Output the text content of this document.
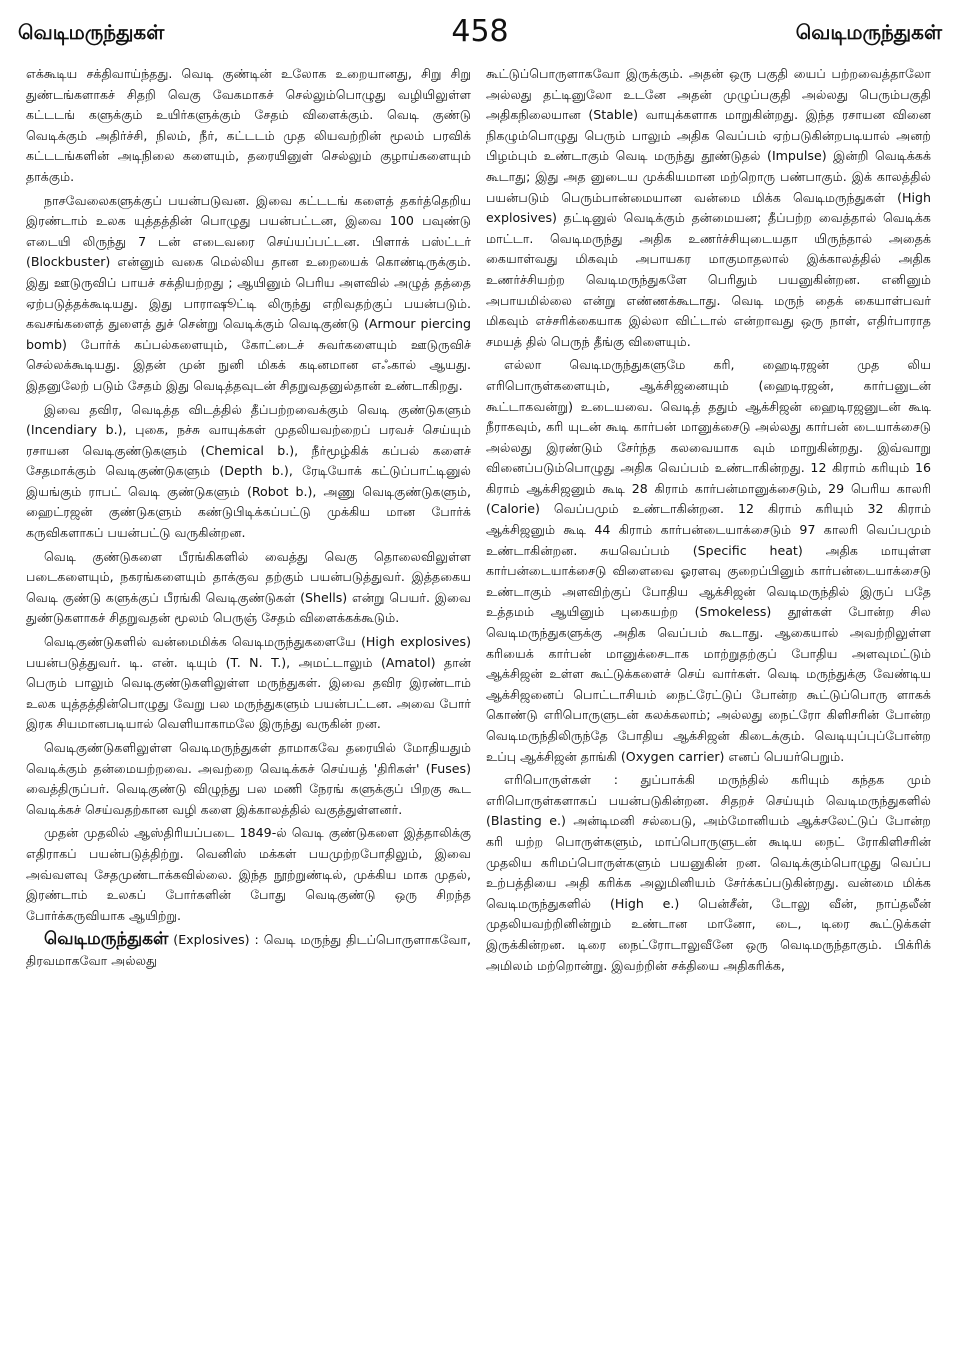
வெடிமருந்துகள்	458	வெடிமருந்துகள்

எக்கூடிய சக்திவாய்ந்தது. வெடி குண்டின் உலோக உறையானது, சிறு சிறு துண்டங்களாகச் சிதறி வெகு வேகமாகச் செல்லும்பொழுது வழியிலுள்ள கட்டடங் களுக்கும் உயிர்களுக்கும் சேதம் விளைக்கும். வெடி குண்டு வெடிக்கும் அதிர்ச்சி, நிலம், நீர், கட்டடம் முத லியவற்றின் மூலம் பரவிக் கட்டடங்களின் அடிநிலை களையும், தரையினுள் செல்லும் குழாய்களையும் தாக்கும்.

நாசவேலைகளுக்குப் பயன்படுவன. இவை கட்டடங் களைத் தகர்த்தெறிய இரண்டாம் உலக யுத்தத்தின் பொழுது பயன்பட்டன, இவை 100 பவுண்டு எடையி லிருந்து 7 டன் எடைவரை செய்யப்பட்டன. பிளாக் பஸ்ட்டர் (Blockbuster) என்னும் வகை மெல்லிய தான உறையைக் கொண்டிருக்கும். இது ஊடுருவிப் பாயச் சக்தியற்றது ; ஆயினும் பெரிய அளவில் அழுத் தத்தை ஏற்படுத்தக்கூடியது. இது பாராஷூட்டி லிருந்து எறிவதற்குப் பயன்படும். கவசங்களைத் துளைத் துச் சென்று வெடிக்கும் வெடிகுண்டு (Armour piercing bomb) போர்க் கப்பல்களையும், கோட்டைச் சுவர்களையும் ஊடுருவிச் செல்லக்கூடியது. இதன் முன் நுனி மிகக் கடினமான எஃகால் ஆயது. இதனுலேற் படும் சேதம் இது வெடித்தவுடன் சிதறுவதனுல்தான் உண்டாகிறது.

இவை தவிர, வெடித்த விடத்தில் தீப்பற்றவைக்கும் வெடி குண்டுகளும் (Incendiary b.), புகை, நச்சு வாயுக்கள் முதலியவற்றைப் பரவச் செய்யும் ரசாயன வெடிகுண்டுகளும் (Chemical b.), நீர்மூழ்கிக் கப்பல் களைச் சேதமாக்கும் வெடிகுண்டுகளும் (Depth b.), ரேடியோக் கட்டுப்பாட்டினுல் இயங்கும் ராபட் வெடி குண்டுகளும் (Robot b.), அணு வெடிகுண்டுகளும், ஹைட்ரஜன் குண்டுகளும் கண்டுபிடிக்கப்பட்டு முக்கிய மான போர்க் கருவிகளாகப் பயன்பட்டு வருகின்றன.

வெடி குண்டுகளை பீரங்கிகளில் வைத்து வெகு தொலைவிலுள்ள படைகளையும், நகரங்களையும் தாக்குவ தற்கும் பயன்படுத்துவர். இத்தகைய வெடி குண்டு களுக்குப் பீரங்கி வெடிகுண்டுகள் (Shells) என்று பெயர். இவை துண்டுகளாகச் சிதறுவதன் மூலம் பெருஞ் சேதம் விளைக்கக்கூடும்.

வெடிகுண்டுகளில் வன்மைமிக்க வெடிமருந்துகளையே (High explosives) பயன்படுத்துவர். டி. என். டியும் (T. N. T.), அமட்டாலும் (Amatol) தான் பெரும் பாலும் வெடிகுண்டுகளிலுள்ள மருந்துகள். இவை தவிர இரண்டாம் உலக யுத்தத்தின்பொழுது வேறு பல மருந்துகளும் பயன்பட்டன. அவை போர் இரக சியமானபடியால் வெளியாகாமலே இருந்து வருகின் றன.

வெடிகுண்டுகளிலுள்ள வெடிமருந்துகள் தாமாகவே தரையில் மோதியதும் வெடிக்கும் தன்மையற்றவை. அவற்றை வெடிக்கச் செய்யத் 'திரிகள்' (Fuses) வைத்திருப்பர். வெடிகுண்டு விழுந்து பல மணி நேரங் களுக்குப் பிறகு கூட வெடிக்கச் செய்வதற்கான வழி களை இக்காலத்தில் வகுத்துள்ளனர்.

முதன் முதலில் ஆஸ்திரியப்படை 1849-ல் வெடி குண்டுகளை இத்தாலிக்கு எதிராகப் பயன்படுத்திற்று. வெனிஸ் மக்கள் பயமுற்றபோதிலும், இவை அவ்வளவு சேதமுண்டாக்கவில்லை. இந்த நூற்றுண்டில், முக்கிய மாக முதல், இரண்டாம் உலகப் போர்களின் போது வெடிகுண்டு ஒரு சிறந்த போர்க்கருவியாக ஆயிற்று.

வெடிமருந்துகள் (Explosives) : வெடி மருந்து திடப்பொருளாகவோ, திரவமாகவோ அல்லது

கூட்டுப்பொருளாகவோ இருக்கும். அதன் ஒரு பகுதி யைப் பற்றவைத்தாலோ அல்லது தட்டினுலோ உடனே அதன் முழுப்பகுதி அல்லது பெரும்பகுதி அதிகநிலையான (Stable) வாயுக்களாக மாறுகின்றது. இந்த ரசாயன வினை நிகழும்பொழுது பெரும் பாலும் அதிக வெப்பம் ஏற்படுகின்றபடியால் அனற் பிழம்பும் உண்டாகும் வெடி மருந்து தூண்டுதல் (Impulse) இன்றி வெடிக்கக் கூடாது; இது அத னுடைய முக்கியமான மற்றொரு பண்பாகும். இக் காலத்தில் பயன்படும் பெரும்பான்மையான வன்மை மிக்க வெடிமருந்துகள் (High explosives) தட்டினுல் வெடிக்கும் தன்மையன; தீப்பற்ற வைத்தால் வெடிக்க மாட்டா. வெடிமருந்து அதிக உணர்ச்சியுடையதா யிருந்தால் அதைக் கையாள்வது மிகவும் அபாயகர மாகுமாதலால் இக்காலத்தில் அதிக உணர்ச்சியற்ற வெடிமருந்துகளே பெரிதும் பயனுகின்றன. எனினும் அபாயமில்லை என்று எண்ணக்கூடாது. வெடி மருந் தைக் கையாள்பவர் மிகவும் எச்சரிக்கையாக இல்லா விட்டால் என்றாவது ஒரு நாள், எதிர்பாராத சமயத் தில் பெருந் தீங்கு விளையும்.

எல்லா வெடிமருந்துகளுமே கரி, ஹைடிரஜன் முத லிய எரிபொருள்களையும், ஆக்சிஜனையும் (ஹைடிரஜன், கார்பனுடன் கூட்டாகவன்று) உடையவை. வெடித் ததும் ஆக்சிஜன் ஹைடிரஜனுடன் கூடி நீராகவும், கரி யுடன் கூடி கார்பன் மானுக்சைடு அல்லது கார்பன் டையாக்சைடு அல்லது இரண்டும் சேர்ந்த கலவையாக வும் மாறுகின்றது. இவ்வாறு வினைப்படும்பொழுது அதிக வெப்பம் உண்டாகின்றது. 12 கிராம் கரியும் 16 கிராம் ஆக்சிஜனும் கூடி 28 கிராம் கார்பன்மானுக்சைடும், 29 பெரிய காலரி (Calorie) வெப்பமும் உண்டாகின்றன. 12 கிராம் கரியும் 32 கிராம் ஆக்சிஜனும் கூடி 44 கிராம் கார்பன்டையாக்சைடும் 97 காலரி வெப்பமும் உண்டாகின்றன. சுயவெப்பம் (Specific heat) அதிக மாயுள்ள கார்பன்டையாக்சைடு விளைவை ஓரளவு குறைப்பினும் கார்பன்டையாக்சைடு உண்டாகும் அளவிற்குப் போதிய ஆக்சிஜன் வெடிமருந்தில் இருப் பதே உத்தமம் ஆயினும் புகையற்ற (Smokeless) தூள்கள் போன்ற சில வெடிமருந்துகளுக்கு அதிக வெப்பம் கூடாது. ஆகையால் அவற்றிலுள்ள கரியைக் கார்பன் மானுக்சைடாக மாற்றுதற்குப் போதிய அளவுமட்டும் ஆக்சிஜன் உள்ள கூட்டுக்களைச் செய் வார்கள். வெடி மருந்துக்கு வேண்டிய ஆக்சிஜனைப் பொட்டாசியம் நைட்ரேட்டுப் போன்ற கூட்டுப்பொரு ளாகக் கொண்டு எரிபொருளுடன் கலக்கலாம்; அல்லது நைட்ரோ கிளிசரின் போன்ற வெடிமருந்திலிருந்தே போதிய ஆக்சிஜன் கிடைக்கும். வெடியுப்புப்போன்ற உப்பு ஆக்சிஜன் தாங்கி (Oxygen carrier) எனப் பெயர்பெறும்.

எரிபொருள்கள் : துப்பாக்கி மருந்தில் கரியும் கந்தக மும் எரிபொருள்களாகப் பயன்படுகின்றன. சிதறச் செய்யும் வெடிமருந்துகளில் (Blasting e.) அன்டிமனி சல்பைடு, அம்மோனியம் ஆக்சலேட்டுப் போன்ற கரி யற்ற பொருள்களும், மாப்பொருளுடன் கூடிய நைட் ரோகிளிசரின் முதலிய கரிமப்பொருள்களும் பயனுகின் றன. வெடிக்கும்பொழுது வெப்ப உற்பத்தியை அதி கரிக்க அலுமினியம் சேர்க்கப்படுகின்றது. வன்மை மிக்க வெடிமருந்துகளில் (High e.) பென்சீன், டோலு வீன், நாப்தலீன் முதலியவற்றினின்றும் உண்டான மானோ, டை, டிரை கூட்டுக்கள் இருக்கின்றன. டிரை நைட்ரோடாலுவீனே ஒரு வெடிமருந்தாகும். பிக்ரிக் அமிலம் மற்றொன்று. இவற்றின் சக்தியை அதிகரிக்க,
